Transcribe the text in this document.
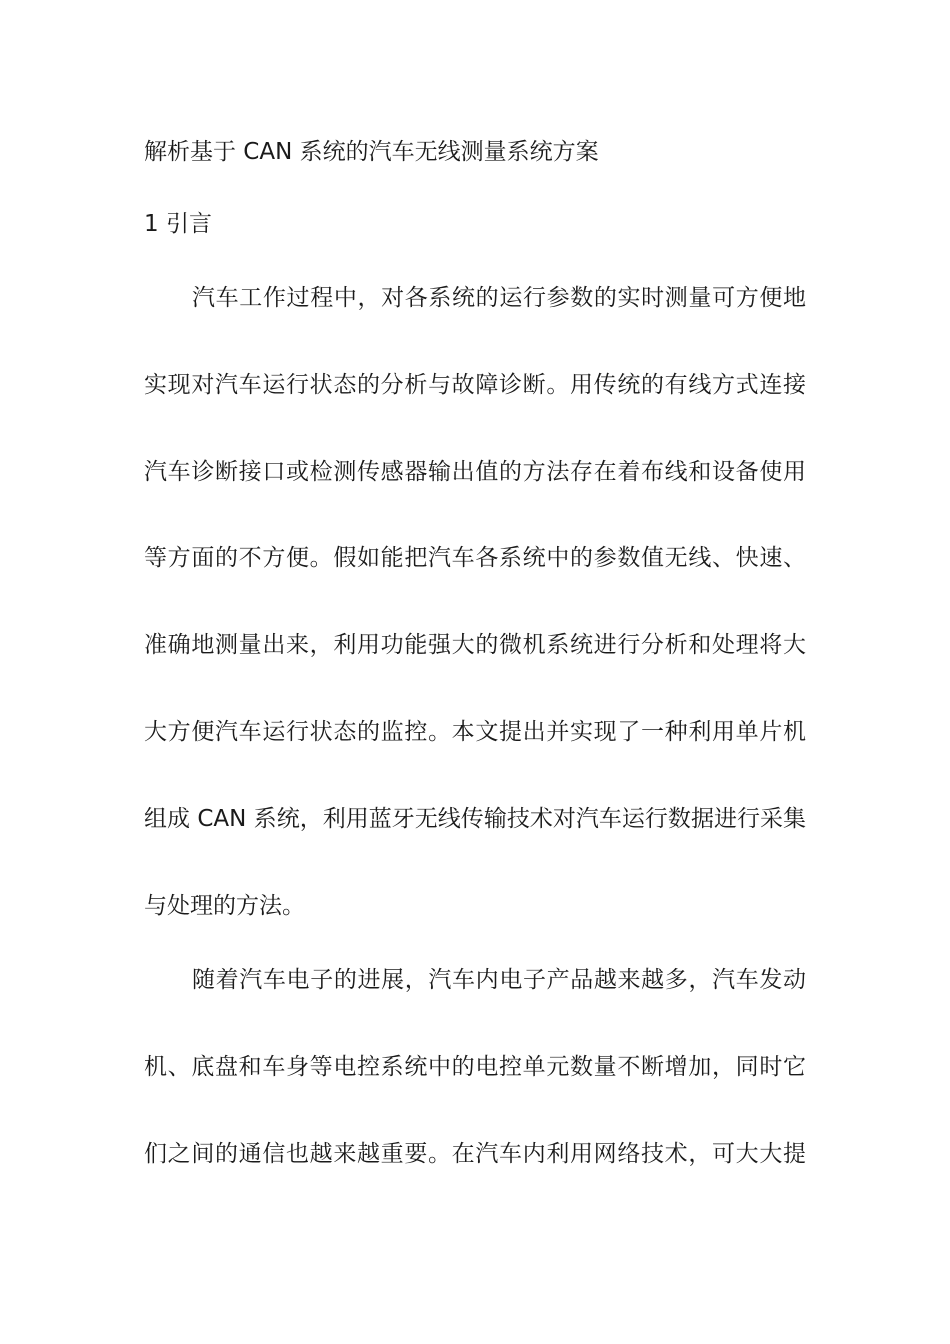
解析基于 CAN 系统的汽车无线测量系统方案
1 引言
汽车工作过程中，对各系统的运行参数的实时测量可方便地
实现对汽车运行状态的分析与故障诊断。用传统的有线方式连接
汽车诊断接口或检测传感器输出值的方法存在着布线和设备使用
等方面的不方便。假如能把汽车各系统中的参数值无线、快速、
准确地测量出来，利用功能强大的微机系统进行分析和处理将大
大方便汽车运行状态的监控。本文提出并实现了一种利用单片机
组成 CAN 系统，利用蓝牙无线传输技术对汽车运行数据进行采集
与处理的方法。
随着汽车电子的进展，汽车内电子产品越来越多，汽车发动
机、底盘和车身等电控系统中的电控单元数量不断增加，同时它
们之间的通信也越来越重要。在汽车内利用网络技术，可大大提
